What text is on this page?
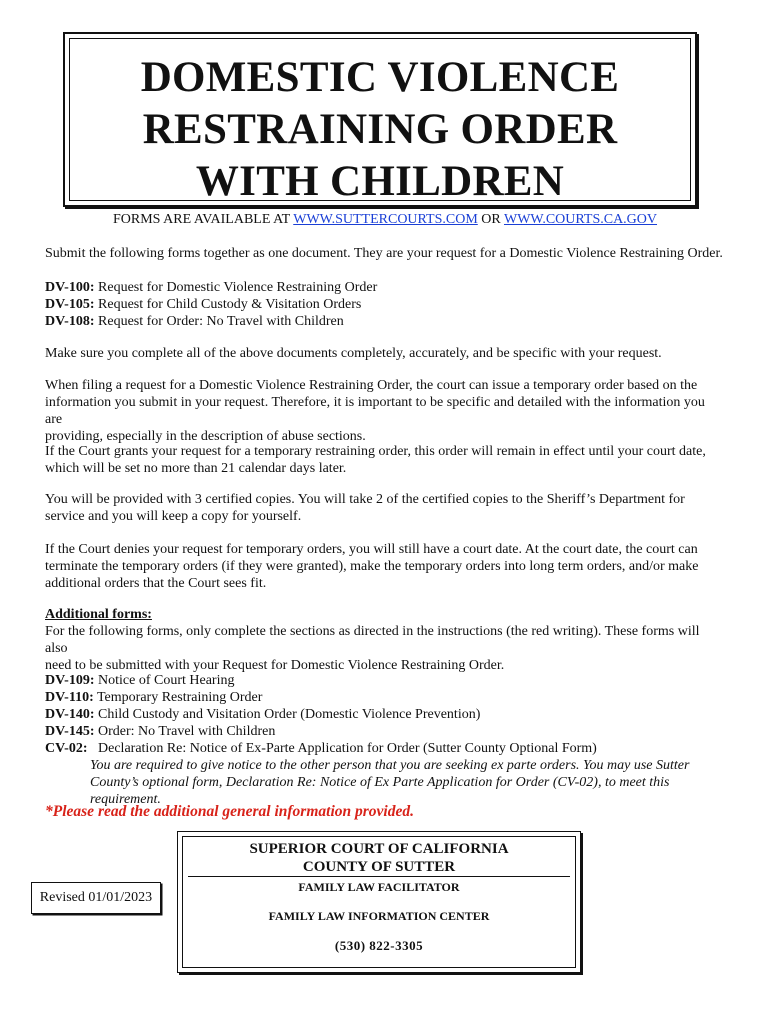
DOMESTIC VIOLENCE
RESTRAINING ORDER
WITH CHILDREN
FORMS ARE AVAILABLE AT WWW.SUTTERCOURTS.COM OR WWW.COURTS.CA.GOV
Submit the following forms together as one document. They are your request for a Domestic Violence Restraining Order.
DV-100: Request for Domestic Violence Restraining Order
DV-105: Request for Child Custody & Visitation Orders
DV-108: Request for Order: No Travel with Children
Make sure you complete all of the above documents completely, accurately, and be specific with your request.
When filing a request for a Domestic Violence Restraining Order, the court can issue a temporary order based on the
information you submit in your request. Therefore, it is important to be specific and detailed with the information you are
providing, especially in the description of abuse sections.
If the Court grants your request for a temporary restraining order, this order will remain in effect until your court date,
which will be set no more than 21 calendar days later.
You will be provided with 3 certified copies. You will take 2 of the certified copies to the Sheriff’s Department for
service and you will keep a copy for yourself.
If the Court denies your request for temporary orders, you will still have a court date. At the court date, the court can
terminate the temporary orders (if they were granted), make the temporary orders into long term orders, and/or make
additional orders that the Court sees fit.
Additional forms:
For the following forms, only complete the sections as directed in the instructions (the red writing). These forms will also
need to be submitted with your Request for Domestic Violence Restraining Order.
DV-109: Notice of Court Hearing
DV-110: Temporary Restraining Order
DV-140: Child Custody and Visitation Order (Domestic Violence Prevention)
DV-145: Order: No Travel with Children
CV-02:   Declaration Re: Notice of Ex-Parte Application for Order (Sutter County Optional Form)
You are required to give notice to the other person that you are seeking ex parte orders. You may use Sutter
County’s optional form, Declaration Re: Notice of Ex Parte Application for Order (CV-02), to meet this
requirement.
*Please read the additional general information provided.
SUPERIOR COURT OF CALIFORNIA
COUNTY OF SUTTER
FAMILY LAW FACILITATOR
FAMILY LAW INFORMATION CENTER
(530) 822-3305
Revised 01/01/2023
